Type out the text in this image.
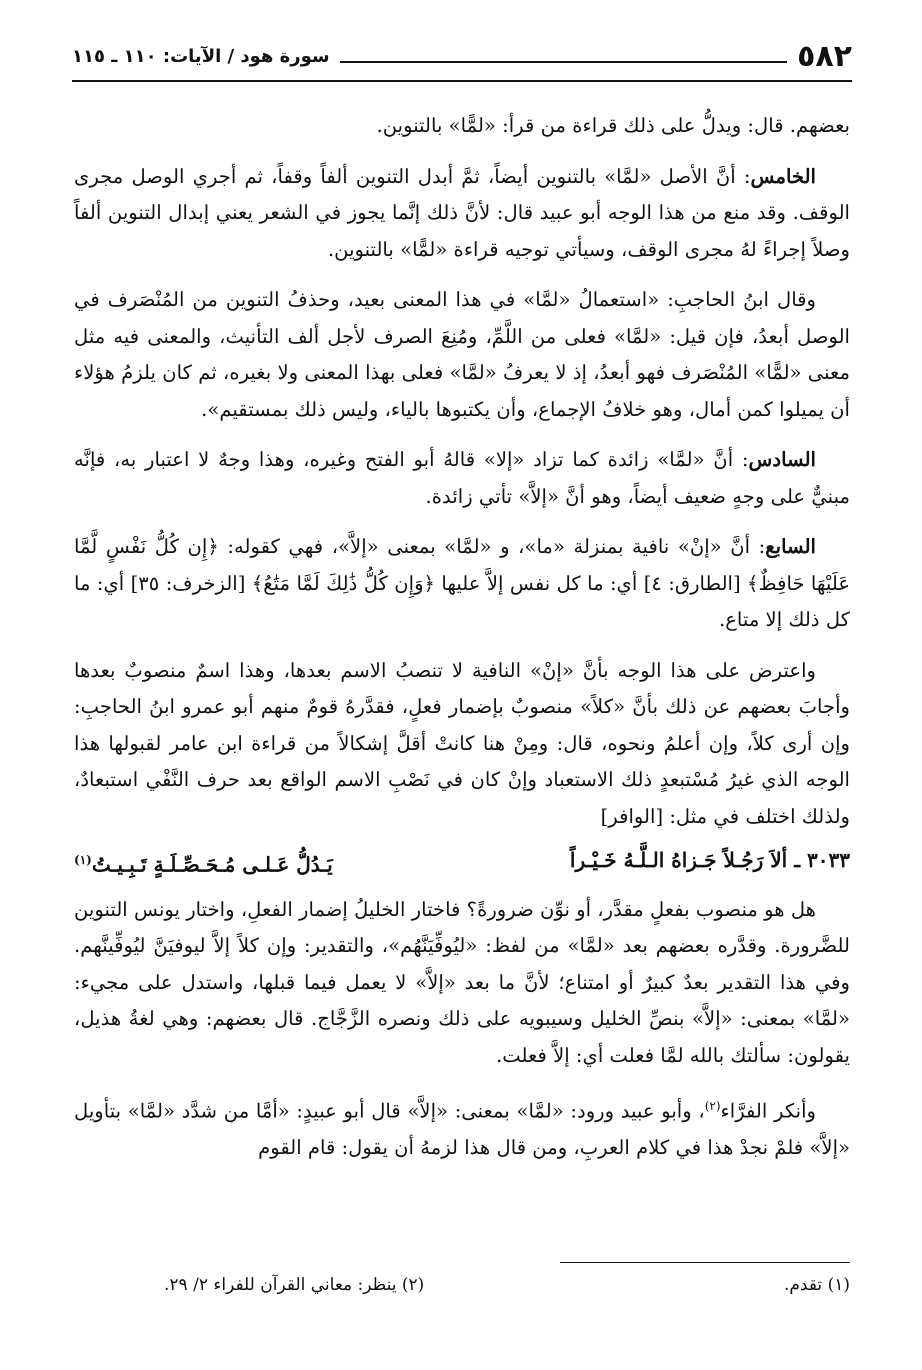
٥٨٢
سورة هود / الآيات: ١١٠ ـ ١١٥

بعضهم. قال: ويدلُّ على ذلك قراءة من قرأ: «لمًّا» بالتنوين.

الخامس: أنَّ الأصل «لمَّا» بالتنوين أيضاً، ثمَّ أبدل التنوين ألفاً وقفاً، ثم أجري الوصل مجرى الوقف. وقد منع من هذا الوجه أبو عبيد قال: لأنَّ ذلك إنَّما يجوز في الشعر يعني إبدال التنوين ألفاً وصلاً إجراءً لهُ مجرى الوقف، وسيأتي توجيه قراءة «لمًّا» بالتنوين.

وقال ابنُ الحاجبِ: «استعمالُ «لمَّا» في هذا المعنى بعيد، وحذفُ التنوين من المُنْصَرف في الوصل أبعدُ، فإن قيل: «لمَّا» فعلى من اللَّمِّ، ومُنِعَ الصرف لأجل ألف التأنيث، والمعنى فيه مثل معنى «لمًّا» المُنْصَرف فهو أبعدُ، إذ لا يعرفُ «لمَّا» فعلى بهذا المعنى ولا بغيره، ثم كان يلزمُ هؤلاء أن يميلوا كمن أمال، وهو خلافُ الإجماع، وأن يكتبوها بالياء، وليس ذلك بمستقيم».

السادس: أنَّ «لمَّا» زائدة كما تزاد «إلا» قالهُ أبو الفتح وغيره، وهذا وجهٌ لا اعتبار به، فإنَّه مبنيٌّ على وجهٍ ضعيف أيضاً، وهو أنَّ «إلاَّ» تأتي زائدة.

السابع: أنَّ «إنْ» نافية بمنزلة «ما»، و «لمَّا» بمعنى «إلاَّ»، فهي كقوله: ﴿إِن كُلُّ نَفْسٍ لَّمَّا عَلَيْهَا حَافِظٌ﴾ [الطارق: ٤] أي: ما كل نفس إلاَّ عليها ﴿وَإِن كُلُّ ذَٰلِكَ لَمَّا مَتَٰعُ﴾ [الزخرف: ٣٥] أي: ما كل ذلك إلا متاع.

واعترض على هذا الوجه بأنَّ «إنْ» النافية لا تنصبُ الاسم بعدها، وهذا اسمٌ منصوبٌ بعدها وأجابَ بعضهم عن ذلك بأنَّ «كلاً» منصوبٌ بإضمار فعلٍ، فقدَّرهُ قومٌ منهم أبو عمرو ابنُ الحاجبِ: وإن أرى كلاً، وإن أعلمُ ونحوه، قال: ومِنْ هنا كانتْ أقلَّ إشكالاً من قراءة ابن عامر لقبولها هذا الوجه الذي غيرُ مُسْتبعدٍ ذلك الاستعباد وإنْ كان في نَصْبِ الاسم الواقع بعد حرف النَّفْي استبعادٌ، ولذلك اختلف في مثل: [الوافر]

٣٠٣٣ ـ ألاَ رَجُـلاً جَـزاهُ الـلَّـهُ خَـيْـراً
يَـدُلُّ عَـلـى مُـحَـصِّـلَـةٍ تَـبِـيـتُ$^{(١)}$

هل هو منصوب بفعلٍ مقدَّر، أو نوِّن ضرورةً؟ فاختار الخليلُ إضمار الفعلِ، واختار يونس التنوين للضَّرورة. وقدَّره بعضهم بعد «لمَّا» من لفظ: «ليُوفِّيَنَّهُم»، والتقدير: وإن كلاً إلاَّ ليوفيَنَّ ليُوفِّينَّهم. وفي هذا التقدير بعدٌ كبيرٌ أو امتناع؛ لأنَّ ما بعد «إلاَّ» لا يعمل فيما قبلها، واستدل على مجيء: «لمَّا» بمعنى: «إلاَّ» بنصِّ الخليل وسيبويه على ذلك ونصره الزَّجَّاج. قال بعضهم: وهي لغةُ هذيل، يقولون: سألتك بالله لمَّا فعلت أي: إلاَّ فعلت.

وأنكر الفرَّاء$^{(٢)}$، وأبو عبيد ورود: «لمَّا» بمعنى: «إلاَّ» قال أبو عبيدٍ: «أمَّا من شدَّد «لمَّا» بتأويل «إلاَّ» فلمْ نجدْ هذا في كلام العربِ، ومن قال هذا لزمهُ أن يقول: قام القوم

(١) تقدم.
(٢) ينظر: معاني القرآن للفراء ٢/ ٢٩.
